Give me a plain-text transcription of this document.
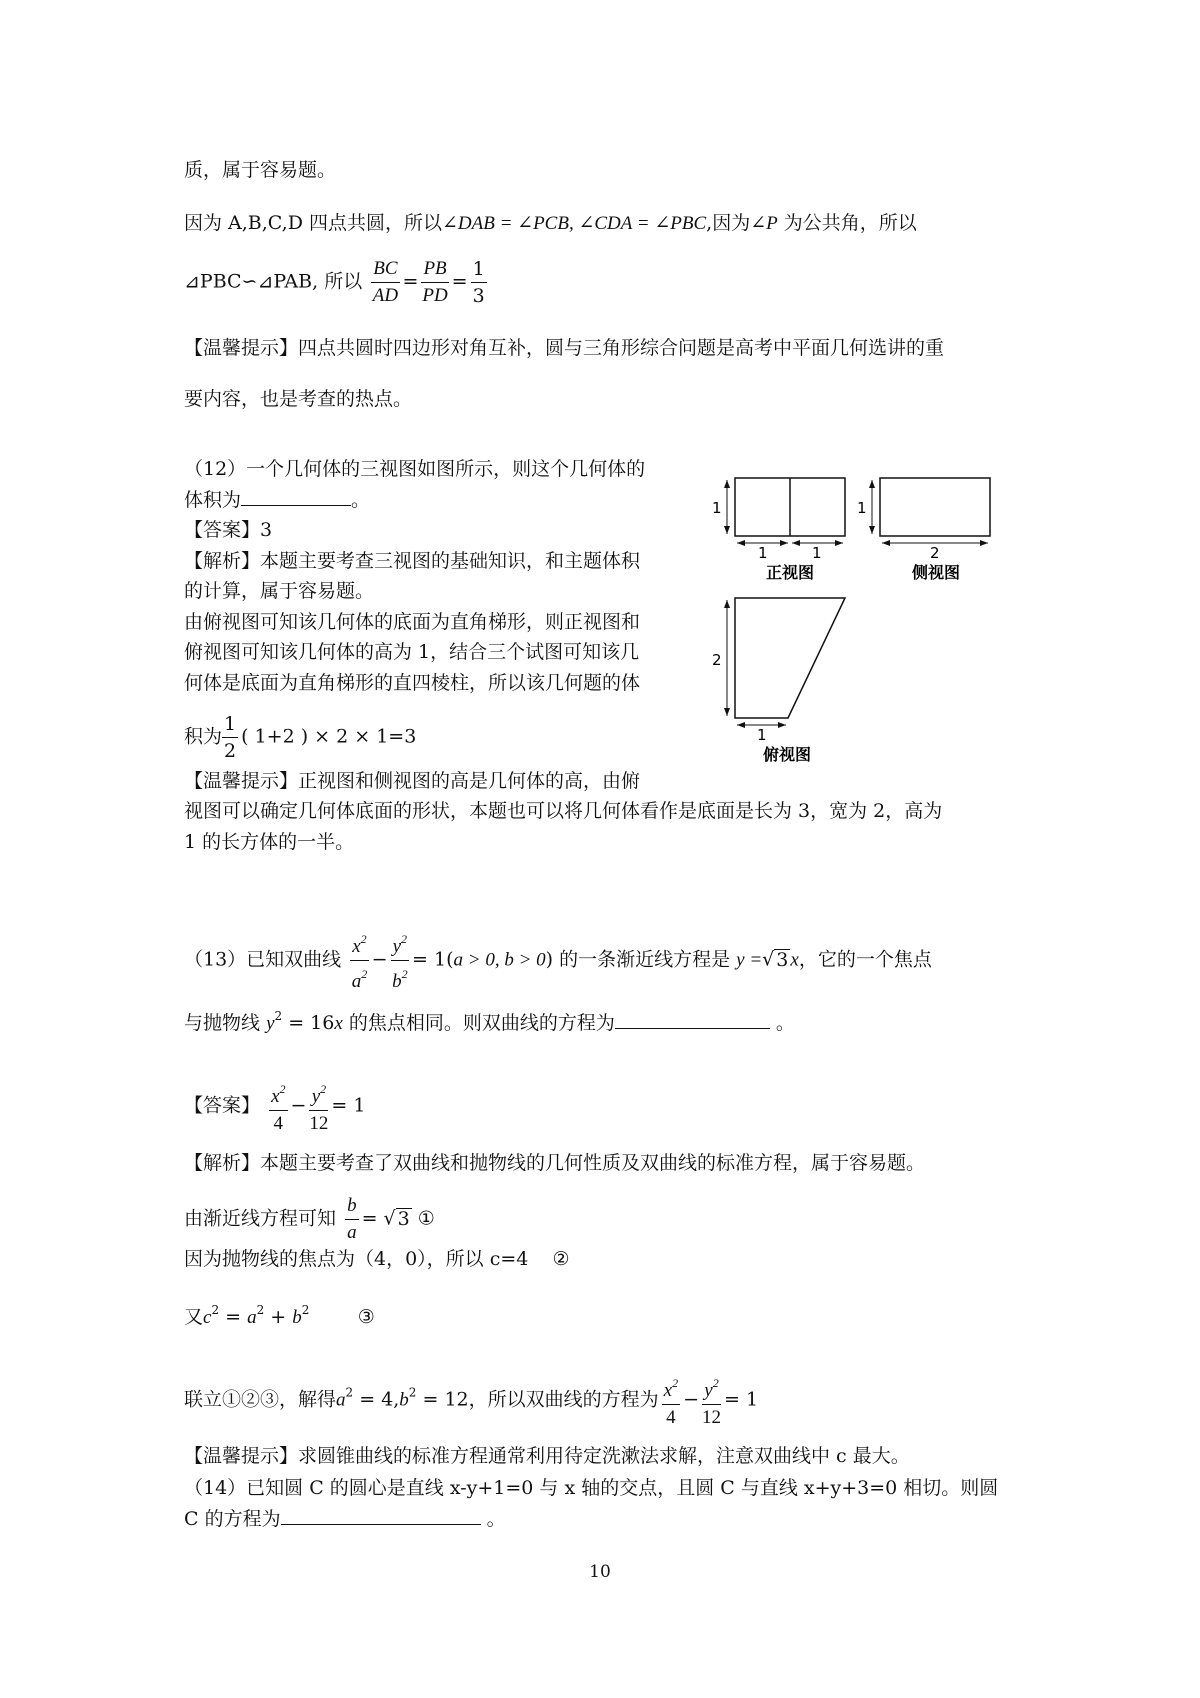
质，属于容易题。
因为 A,B,C,D 四点共圆，所以∠DAB = ∠PCB, ∠CDA = ∠PBC,因为∠P 为公共角，所以
⊿PBC∽⊿PAB, 所以 $\frac{BC}{AD} = \frac{PB}{PD} = \frac{1}{3}$
【温馨提示】四点共圆时四边形对角互补，圆与三角形综合问题是高考中平面几何选讲的重
要内容，也是考查的热点。
（12）一个几何体的三视图如图所示，则这个几何体的
体积为	。
【答案】3
【解析】本题主要考查三视图的基础知识，和主题体积
的计算，属于容易题。
由俯视图可知该几何体的底面为直角梯形，则正视图和
俯视图可知该几何体的高为 1，结合三个试图可知该几
何体是底面为直角梯形的直四棱柱，所以该几何题的体
积为 $\frac{1}{2}$ ( 1+2 ) × 2 × 1=3
【温馨提示】正视图和侧视图的高是几何体的高，由俯
视图可以确定几何体底面的形状，本题也可以将几何体看作是底面是长为 3，宽为 2，高为
1 的长方体的一半。
1
1	1
正视图
1
2
侧视图
2
1
俯视图
（13）已知双曲线 $\frac{x^2}{a^2} - \frac{y^2}{b^2} = 1(a > 0$, b > 0) 的一条渐近线方程是 y =√ 3 x，它的一个焦点
与抛物线 $y^2 = 16x$ 的焦点相同。则双曲线的方程为	。
【答案】 $\frac{x^2}{4} - \frac{y^2}{12} = 1$
【解析】本题主要考查了双曲线和抛物线的几何性质及双曲线的标准方程，属于容易题。
由渐近线方程可知 $\frac{b}{a}$ = √ 3 ①
因为抛物线的焦点为（4，0），所以 c=4 ②
又$c^2 = a^2 + b^2$	③
联立①②③，解得$a^2 = 4,b^2 = 12$，所以双曲线的方程为 $\frac{x^2}{4} - \frac{y^2}{12} = 1$
【温馨提示】求圆锥曲线的标准方程通常利用待定洗漱法求解，注意双曲线中 c 最大。
（14）已知圆 C 的圆心是直线 x-y+1=0 与 x 轴的交点，且圆 C 与直线 x+y+3=0 相切。则圆
C 的方程为	。
10
